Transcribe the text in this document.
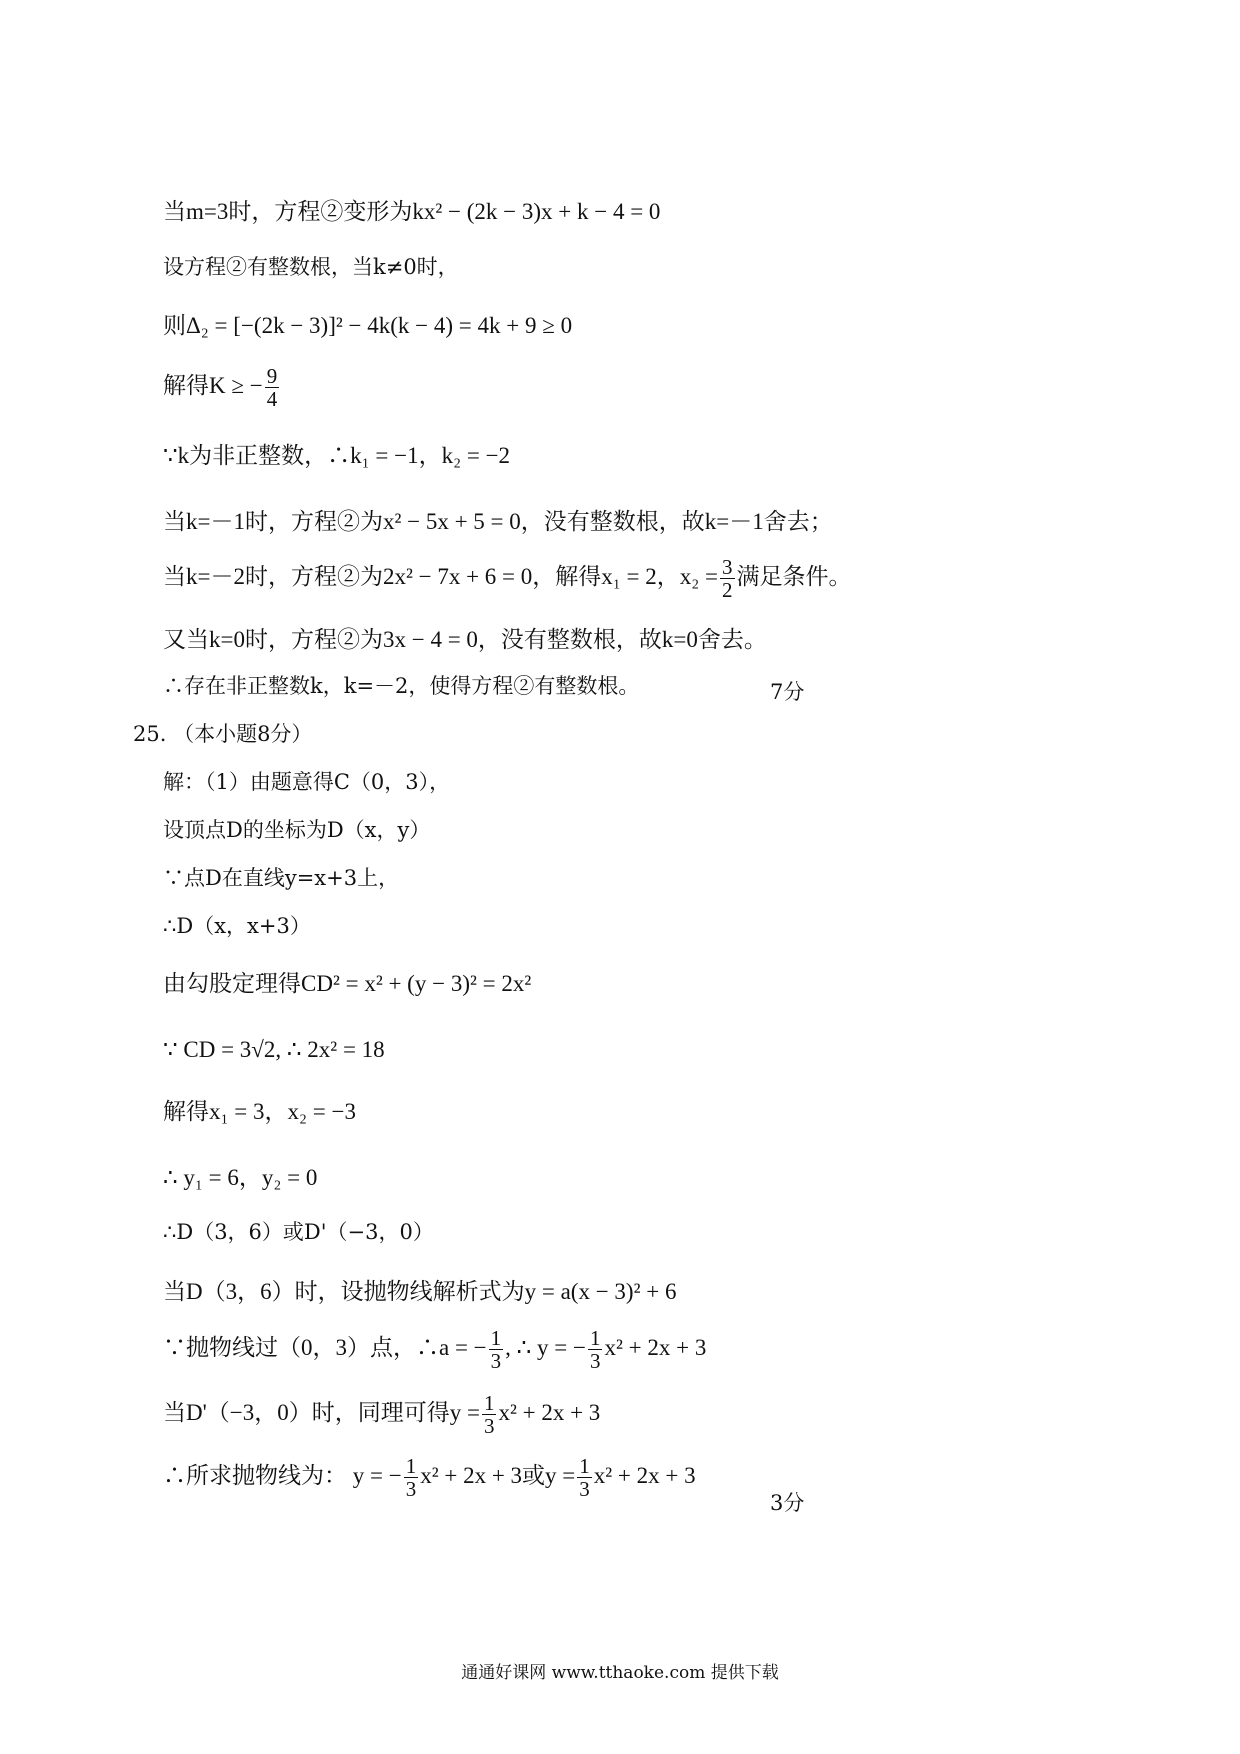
当m=3时，方程②变形为kx² − (2k − 3)x + k − 4 = 0
设方程②有整数根，当k≠0时，
则Δ₂ = [−(2k − 3)]² − 4k(k − 4) = 4k + 9 ≥ 0
解得K ≥ − $\frac{9}{4}$
∵k为非正整数，∴k₁ = −1，k₂ = −2
当k=－1时，方程②为x² − 5x + 5 = 0，没有整数根，故k=－1舍去；
当k=－2时，方程②为2x² − 7x + 6 = 0，解得x₁ = 2，$x_2 = \frac{3}{2}$ 满足条件。
又当k=0时，方程②为3x − 4 = 0，没有整数根，故k=0舍去。
∴存在非正整数k，k=－2，使得方程②有整数根。	7分
25. （本小题8分）
解：（1）由题意得C（0，3），
设顶点D的坐标为D（x，y）
∵点D在直线y=x+3上，
∴D（x，x+3）
由勾股定理得CD² = x² + (y − 3)² = 2x²
∵ CD = 3√2, ∴ 2x² = 18
解得x₁ = 3，x₂ = −3
∴ y₁ = 6，y₂ = 0
∴D（3，6）或D'（−3，0）
当D（3，6）时，设抛物线解析式为y = a(x − 3)² + 6
∵抛物线过（0，3）点，∴a = − $\frac{1}{3}$ , ∴ y = − $\frac{1}{3} x^2 + 2x + 3$
当D'（−3，0）时，同理可得$y = \frac{1}{3} x^2 + 2x + 3$
∴所求抛物线为： y = − $\frac{1}{3} x^2 + 2x + 3$或$y = \frac{1}{3} x^2 + 2x + 3$
3分
通通好课网 www.tthaoke.com 提供下载
